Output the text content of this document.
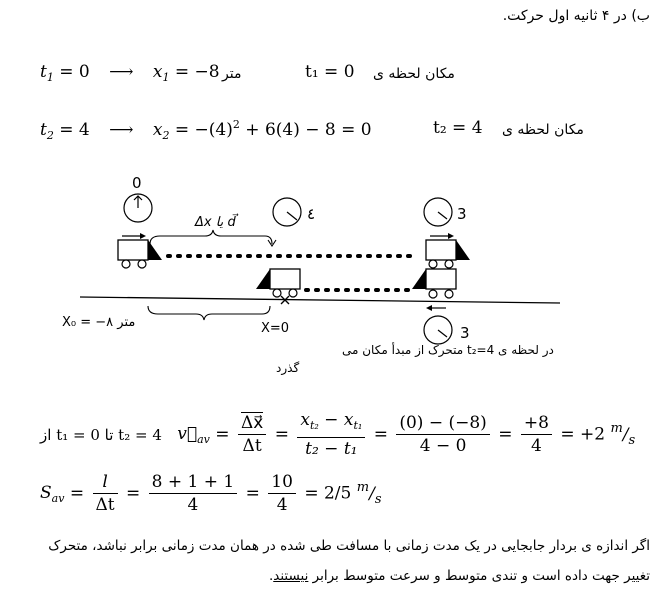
ب) در ۴ ثانیه اول حرکت.
$t_1 = 0$ ⟶ $x_1 = -8$ متر	t₁ = 0 مکان لحظه ی
$t_2 = 4$ ⟶ $x_2 = -(4)^2 + 6(4) - 8 = 0$	t₂ = 4 مکان لحظه ی
0
٤	3
Δx یا d⃗
3
X₀ = −۸ متر	X=0
در لحظه ی t₂=4 متحرک از مبدأ مکان می
گذرد
از t₁ = 0 تا t₂ = 4 $v⃗_{av} = \frac{\Delta x⃗}{\Delta t} = \frac{x_{t_2} - x_{t_1}}{\text{t₂ − t₁}} = \frac{(0) - (-8)}{4 - 0} = \frac{+8}{4} = +2$ $^m/_s$
$S_{av} = \frac{l}{\Delta t} = \frac{8 + 1 + 1}{4} = \frac{10}{4} = 2/5$ $^m/_s$
اگر اندازه ی بردار جابجایی در یک مدت زمانی با مسافت طی شده در همان مدت زمانی برابر نباشد، متحرک
تغییر جهت داده است و تندی متوسط و سرعت متوسط برابر نیستند.
